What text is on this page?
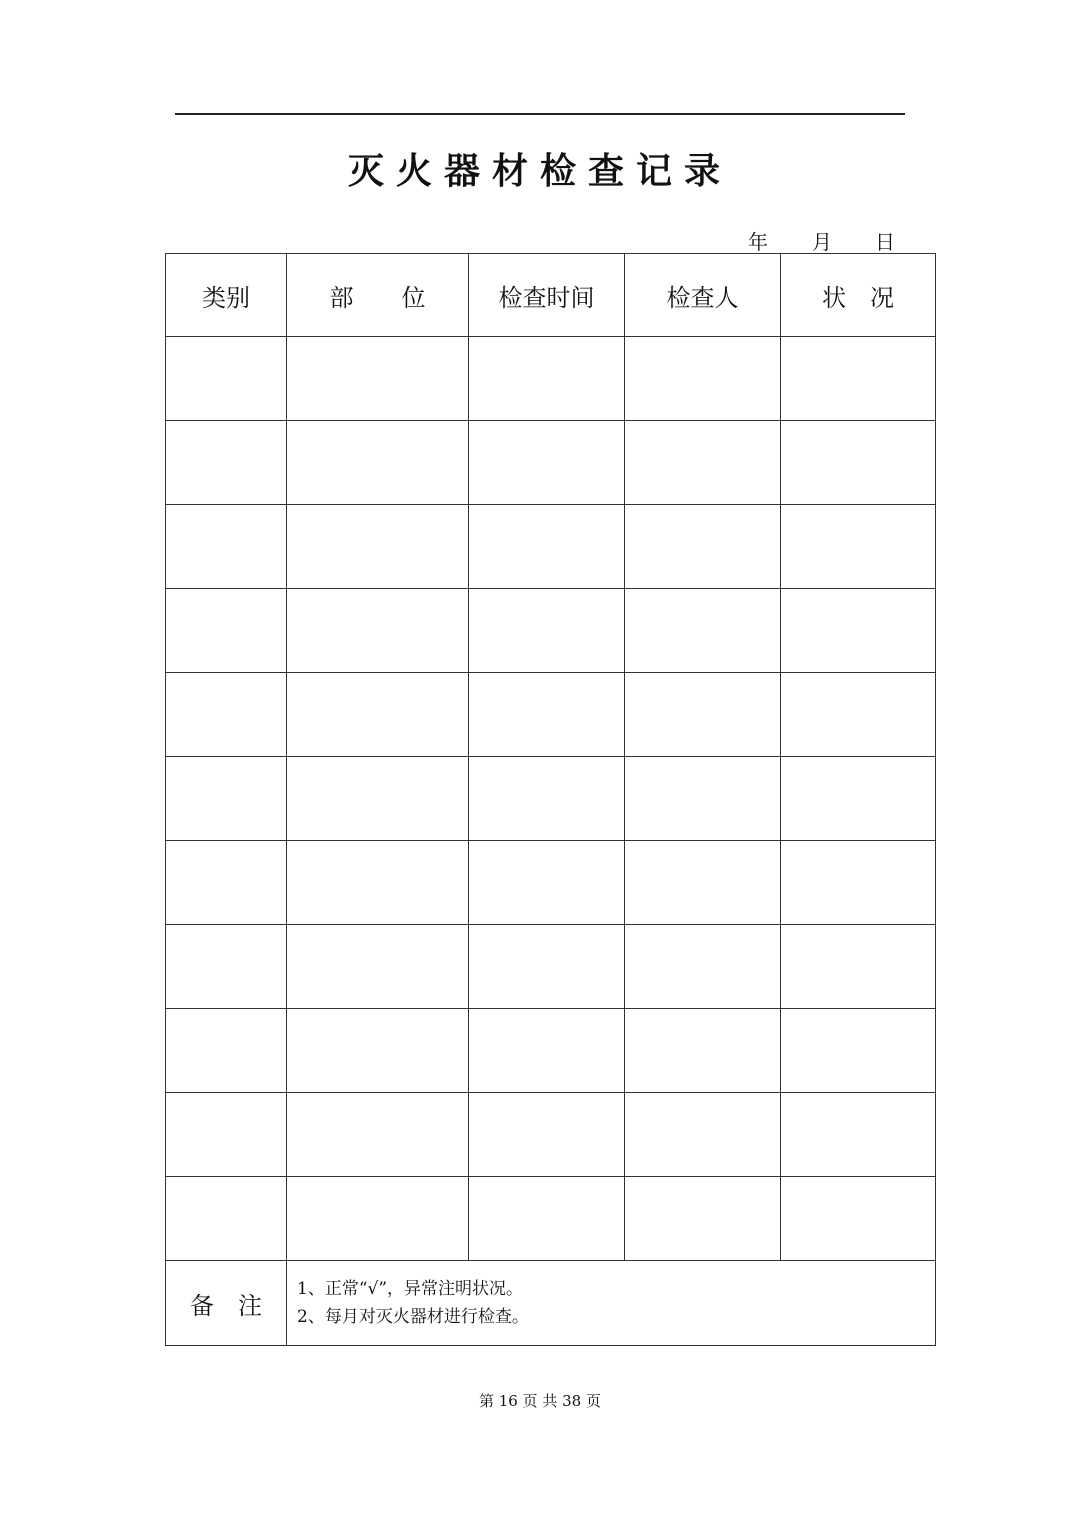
灭火器材检查记录
年 月 日
类别	部　　位	检查时间	检查人	状　况

备　注	1、正常“√”，异常注明状况。
2、每月对灭火器材进行检查。			
第 16 页 共 38 页
